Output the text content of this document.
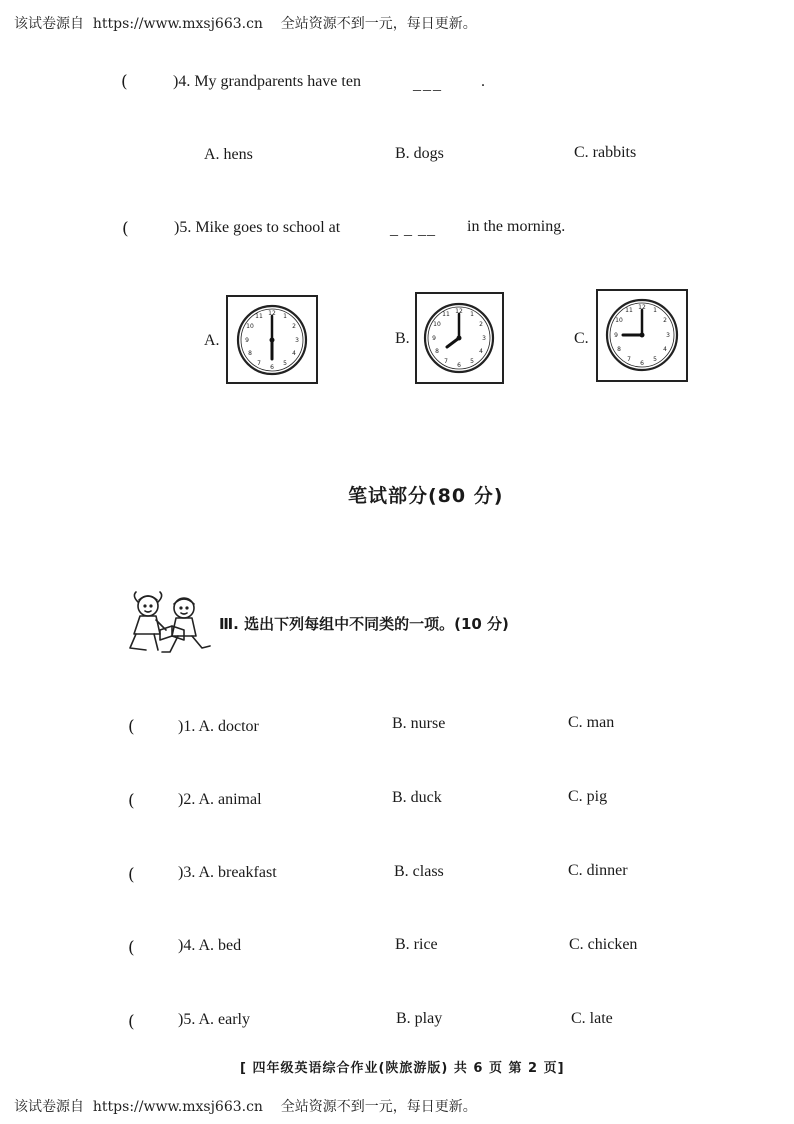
该试卷源自 https://www.mxsj663.cn 全站资源不到一元，每日更新。
(	)4. My grandparents have ten	___ .
A. hens	B. dogs	C. rabbits
(	)5. Mike goes to school at	_ _ __ in the morning.
A.
12 1
2
3
4
5
6
7
8
9
10
11
B.
12 1
2
3
4
5
6
7
8
9
10
11
C.
12 1
2
3
4
5
6
7
8
9
10
11
笔试部分(80 分)
Ⅲ. 选出下列每组中不同类的一项。(10 分)
(	)1. A. doctor	B. nurse	C. man
(	)2. A. animal	B. duck	C. pig
(	)3. A. breakfast	B. class	C. dinner
(	)4. A. bed	B. rice	C. chicken
(	)5. A. early	B. play	C. late
[ 四年级英语综合作业(陕旅游版) 共 6 页 第 2 页]
该试卷源自 https://www.mxsj663.cn 全站资源不到一元，每日更新。
